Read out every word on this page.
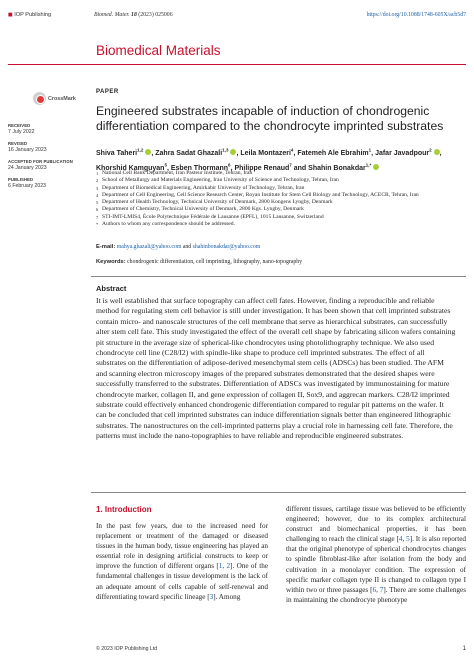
◼ IOP Publishing	Biomed. Mater. 18 (2023) 025006	https://doi.org/10.1088/1748-605X/acb5d7
Biomedical Materials
CrossMark
RECEIVED
7 July 2022
REVISED
16 January 2023
ACCEPTED FOR PUBLICATION
24 January 2023
PUBLISHED
6 February 2023
PAPER
Engineered substrates incapable of induction of chondrogenic differentiation compared to the chondrocyte imprinted substrates
Shiva Taheri$^{1,2}$ , Zahra Sadat Ghazali$^{1,3}$ , Leila Montazeri$^4$, Fatemeh Ale Ebrahim$^1$, Jafar Javadpour$^2$ , Khorshid Kamguyan$^5$, Esben Thormann$^6$, Philippe Renaud$^7$ and Shahin Bonakdar$^{1,*}$
1 National Cell Bank Department, Iran Pasteur Institute, Tehran, Iran
2 School of Metallurgy and Materials Engineering, Iran University of Science and Technology, Tehran, Iran
3 Department of Biomedical Engineering, Amirkabir University of Technology, Tehran, Iran
4 Department of Cell Engineering, Cell Science Research Center, Royan Institute for Stem Cell Biology and Technology, ACECR, Tehran, Iran
5 Department of Health Technology, Technical University of Denmark, 2800 Kongens Lyngby, Denmark
6 Department of Chemistry, Technical University of Denmark, 2800 Kgs. Lyngby, Denmark
7 STI-IMT-LMIS4, École Polytechnique Fédérale de Lausanne (EPFL), 1015 Lausanne, Switzerland
* Authors to whom any correspondence should be addressed.
E-mail: mahya.ghazali@yahoo.com and shahinbonakdar@yahoo.com
Keywords: chondrogenic differentiation, cell imprinting, lithography, nano-topography
Abstract
It is well established that surface topography can affect cell fates. However, finding a reproducible and reliable method for regulating stem cell behavior is still under investigation. It has been shown that cell imprinted substrates contain micro- and nanoscale structures of the cell membrane that serve as hierarchical substrates, can successfully alter stem cell fate. This study investigated the effect of the overall cell shape by fabricating silicon wafers containing pit structure in the average size of spherical-like chondrocytes using photolithography technique. We also used chondrocyte cell line (C28/I2) with spindle-like shape to produce cell imprinted substrates. The effect of all substrates on the differentiation of adipose-derived mesenchymal stem cells (ADSCs) has been studied. The AFM and scanning electron microscopy images of the prepared substrates demonstrated that the desired shapes were successfully transferred to the substrates. Differentiation of ADSCs was investigated by immunostaining for mature chondrocyte marker, collagen II, and gene expression of collagen II, Sox9, and aggrecan markers. C28/I2 imprinted substrate could effectively enhanced chondrogenic differentiation compared to regular pit patterns on the wafer. It can be concluded that cell imprinted substrates can induce differentiation signals better than engineered lithographic substrates. The nanostructures on the cell-imprinted patterns play a crucial role in harnessing cell fate. Therefore, the patterns must include the nano-topographies to have reliable and reproducible engineered substrates.
1. Introduction
In the past few years, due to the increased need for replacement or treatment of the damaged or diseased tissues in the human body, tissue engineering has played an essential role in designing artificial constructs to keep or improve the function of different organs [1, 2]. One of the fundamental challenges in tissue development is the lack of an adequate amount of cells capable of self-renewal and differentiating toward specific lineage [3]. Among
different tissues, cartilage tissue was believed to be efficiently engineered; however, due to its complex architectural construct and biomechanical properties, it has been challenging to reach the clinical stage [4, 5]. It is also reported that the original phenotype of spherical chondrocytes changes to spindle fibroblast-like after isolation from the body and cultivation in a monolayer condition. The expression of specific marker collagen type II is changed to collagen type I within two or three passages [6, 7]. There are some challenges in maintaining the chondrocyte phenotype
© 2023 IOP Publishing Ltd	1
